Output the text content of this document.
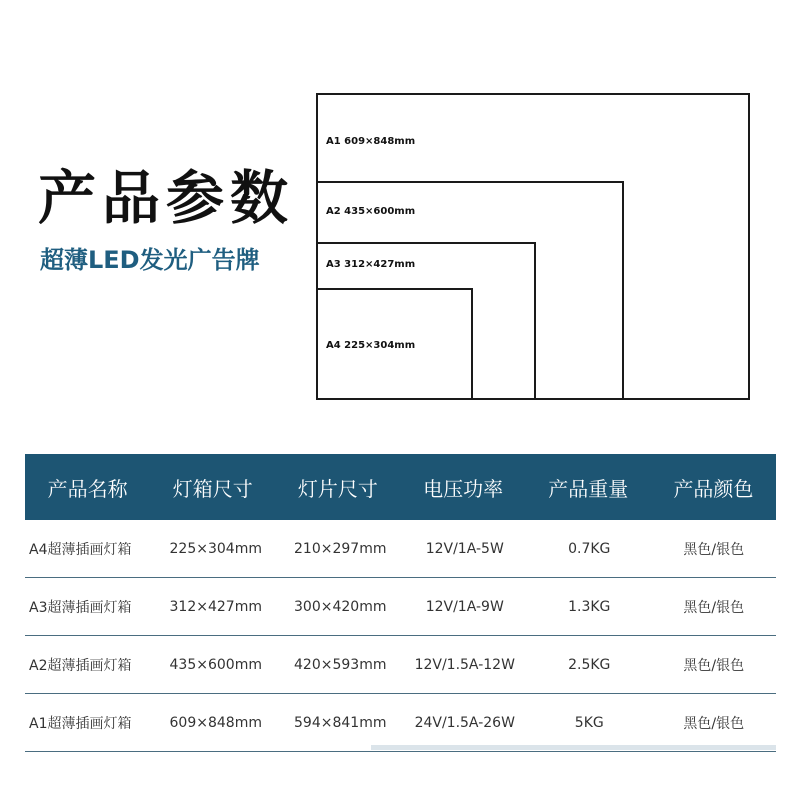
产品参数
超薄LED发光广告牌
A1 609×848mm
A2 435×600mm
A3 312×427mm
A4 225×304mm
产品名称	灯箱尺寸	灯片尺寸	电压功率	产品重量	产品颜色
A4超薄插画灯箱	225×304mm	210×297mm	12V/1A-5W	0.7KG	黑色/银色
A3超薄插画灯箱	312×427mm	300×420mm	12V/1A-9W	1.3KG	黑色/银色
A2超薄插画灯箱	435×600mm	420×593mm	12V/1.5A-12W	2.5KG	黑色/银色
A1超薄插画灯箱	609×848mm	594×841mm	24V/1.5A-26W	5KG	黑色/银色
